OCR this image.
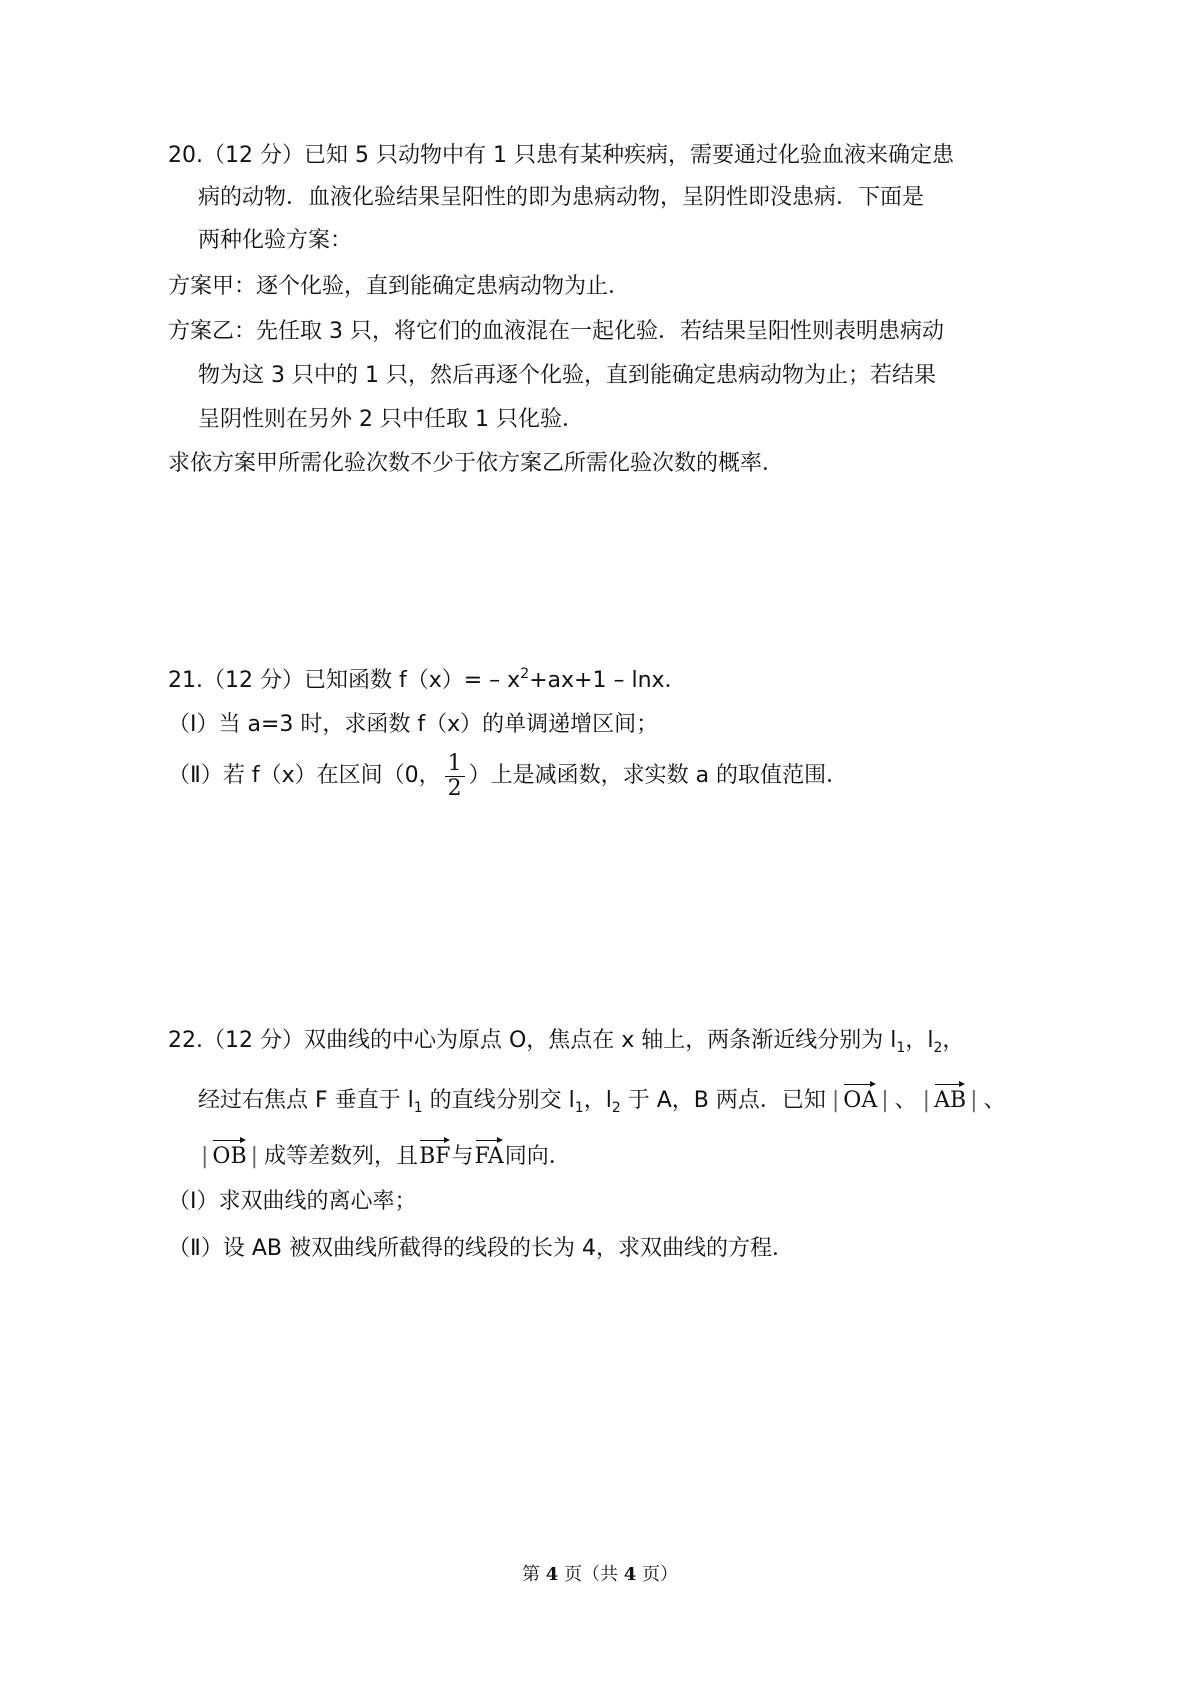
20.（12 分）已知 5 只动物中有 1 只患有某种疾病，需要通过化验血液来确定患
病的动物．血液化验结果呈阳性的即为患病动物，呈阴性即没患病．下面是
两种化验方案：
方案甲：逐个化验，直到能确定患病动物为止．
方案乙：先任取 3 只，将它们的血液混在一起化验．若结果呈阳性则表明患病动
物为这 3 只中的 1 只，然后再逐个化验，直到能确定患病动物为止；若结果
呈阴性则在另外 2 只中任取 1 只化验．
求依方案甲所需化验次数不少于依方案乙所需化验次数的概率．
21.（12 分）已知函数 $f(x)= - x^2+ax+1 - \ln x$．
（Ⅰ）当 a=3 时，求函数 f（x）的单调递增区间；
（Ⅱ）若 f（x）在区间（0， $\frac{1}{2}$ ）上是减函数，求实数 a 的取值范围．
22.（12 分）双曲线的中心为原点 O，焦点在 x 轴上，两条渐近线分别为 $l_1$，$l_2$，
经过右焦点 F 垂直于 $l_1$ 的直线分别交 $l_1$，$l_2$ 于 A，B 两点．已知 | OA | 、 | AB | 、
| OB | 成等差数列，且BF与FA同向．
（Ⅰ）求双曲线的离心率；
（Ⅱ）设 AB 被双曲线所截得的线段的长为 4，求双曲线的方程．
第 4 页（共 4 页）
